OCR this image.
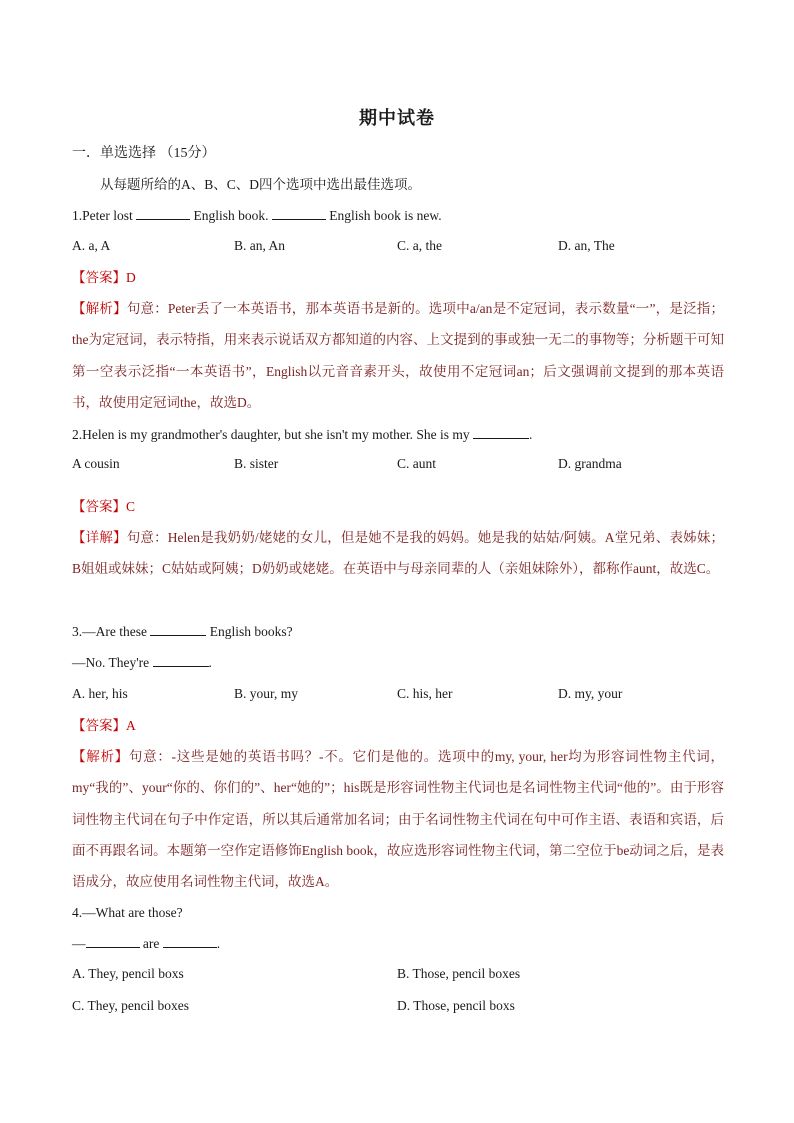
期中试卷
一．单选选择 （15分）
从每题所给的A、B、C、D四个选项中选出最佳选项。
1.Peter lost	English book.	English book is new.
A. a, A	B. an, An	C. a, the	D. an, The
【答案】D
【解析】句意：Peter丢了一本英语书，那本英语书是新的。选项中a/an是不定冠词，表示数量“一”，是泛指；the为定冠词，表示特指，用来表示说话双方都知道的内容、上文提到的事或独一无二的事物等；分析题干可知第一空表示泛指“一本英语书”，English以元音音素开头，故使用不定冠词an；后文强调前文提到的那本英语书，故使用定冠词the，故选D。
2.Helen is my grandmother's daughter, but she isn't my mother. She is my	.
A cousin	B. sister	C. aunt	D. grandma
【答案】C
【详解】句意：Helen是我奶奶/姥姥的女儿，但是她不是我的妈妈。她是我的姑姑/阿姨。A堂兄弟、表姊妹；B姐姐或妹妹；C姑姑或阿姨；D奶奶或姥姥。在英语中与母亲同辈的人（亲姐妹除外），都称作aunt，故选C。
3.—Are these	English books?
—No. They're	.
A. her, his	B. your, my	C. his, her	D. my, your
【答案】A
【解析】句意：-这些是她的英语书吗？-不。它们是他的。选项中的my, your, her均为形容词性物主代词，my“我的”、your“你的、你们的”、her“她的”；his既是形容词性物主代词也是名词性物主代词“他的”。由于形容词性物主代词在句子中作定语，所以其后通常加名词；由于名词性物主代词在句中可作主语、表语和宾语，后面不再跟名词。本题第一空作定语修饰English book，故应选形容词性物主代词，第二空位于be动词之后，是表语成分，故应使用名词性物主代词，故选A。
4.—What are those?
—	are	.
A. They, pencil boxs	B. Those, pencil boxes
C. They, pencil boxes	D. Those, pencil boxs
